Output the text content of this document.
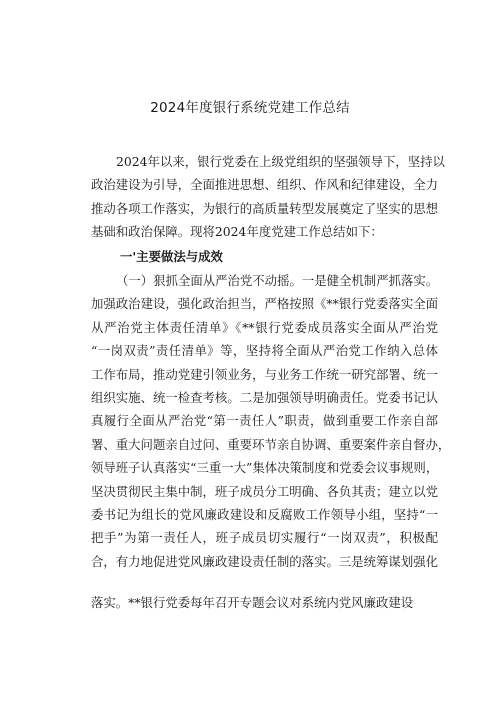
2024年度银行系统党建工作总结
2024年以来，银行党委在上级党组织的坚强领导下，坚持以
政治建设为引导，全面推进思想、组织、作风和纪律建设，全力
推动各项工作落实，为银行的高质量转型发展奠定了坚实的思想
基础和政治保障。现将2024年度党建工作总结如下：
一'主要做法与成效
（一）狠抓全面从严治党不动摇。一是健全机制严抓落实。
加强政治建设，强化政治担当，严格按照《**银行党委落实全面
从严治党主体责任清单》《**银行党委成员落实全面从严治党
“一岗双责”责任清单》等，坚持将全面从严治党工作纳入总体
工作布局，推动党建引领业务，与业务工作统一研究部署、统一
组织实施、统一检查考核。二是加强领导明确责任。党委书记认
真履行全面从严治党“第一责任人”职责，做到重要工作亲自部
署、重大问题亲自过问、重要环节亲自协调、重要案件亲自督办，
领导班子认真落实“三重一大”集体决策制度和党委会议事规则，
坚决贯彻民主集中制，班子成员分工明确、各负其责；建立以党
委书记为组长的党风廉政建设和反腐败工作领导小组，坚持“一
把手”为第一责任人，班子成员切实履行“一岗双责”，积极配
合，有力地促进党风廉政建设责任制的落实。三是统筹谋划强化
落实。**银行党委每年召开专题会议对系统内党风廉政建设
